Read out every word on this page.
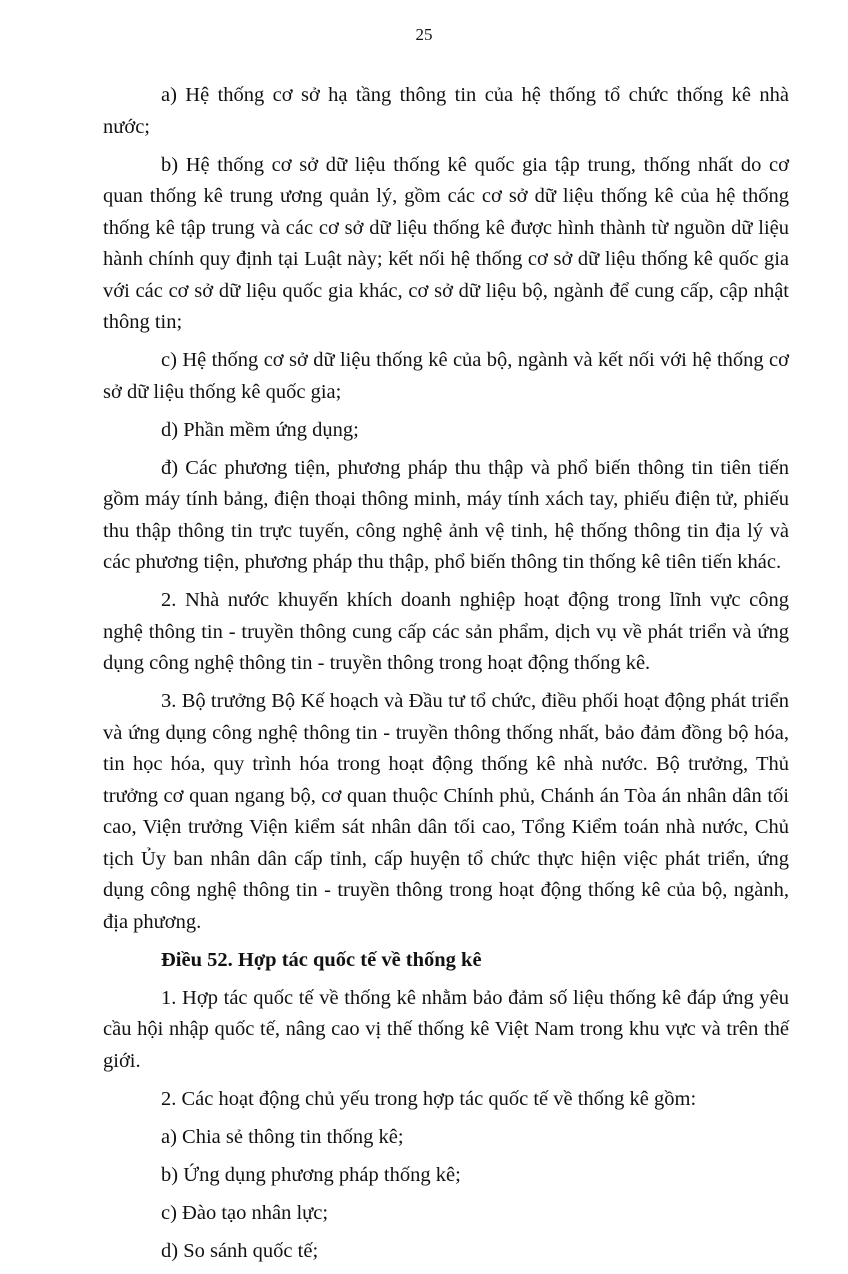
25

a) Hệ thống cơ sở hạ tầng thông tin của hệ thống tổ chức thống kê nhà nước;

b) Hệ thống cơ sở dữ liệu thống kê quốc gia tập trung, thống nhất do cơ quan thống kê trung ương quản lý, gồm các cơ sở dữ liệu thống kê của hệ thống thống kê tập trung và các cơ sở dữ liệu thống kê được hình thành từ nguồn dữ liệu hành chính quy định tại Luật này; kết nối hệ thống cơ sở dữ liệu thống kê quốc gia với các cơ sở dữ liệu quốc gia khác, cơ sở dữ liệu bộ, ngành để cung cấp, cập nhật thông tin;

c) Hệ thống cơ sở dữ liệu thống kê của bộ, ngành và kết nối với hệ thống cơ sở dữ liệu thống kê quốc gia;

d) Phần mềm ứng dụng;

đ) Các phương tiện, phương pháp thu thập và phổ biến thông tin tiên tiến gồm máy tính bảng, điện thoại thông minh, máy tính xách tay, phiếu điện tử, phiếu thu thập thông tin trực tuyến, công nghệ ảnh vệ tinh, hệ thống thông tin địa lý và các phương tiện, phương pháp thu thập, phổ biến thông tin thống kê tiên tiến khác.

2. Nhà nước khuyến khích doanh nghiệp hoạt động trong lĩnh vực công nghệ thông tin - truyền thông cung cấp các sản phẩm, dịch vụ về phát triển và ứng dụng công nghệ thông tin - truyền thông trong hoạt động thống kê.

3. Bộ trưởng Bộ Kế hoạch và Đầu tư tổ chức, điều phối hoạt động phát triển và ứng dụng công nghệ thông tin - truyền thông thống nhất, bảo đảm đồng bộ hóa, tin học hóa, quy trình hóa trong hoạt động thống kê nhà nước. Bộ trưởng, Thủ trưởng cơ quan ngang bộ, cơ quan thuộc Chính phủ, Chánh án Tòa án nhân dân tối cao, Viện trưởng Viện kiểm sát nhân dân tối cao, Tổng Kiểm toán nhà nước, Chủ tịch Ủy ban nhân dân cấp tỉnh, cấp huyện tổ chức thực hiện việc phát triển, ứng dụng công nghệ thông tin - truyền thông trong hoạt động thống kê của bộ, ngành, địa phương.

Điều 52. Hợp tác quốc tế về thống kê

1. Hợp tác quốc tế về thống kê nhằm bảo đảm số liệu thống kê đáp ứng yêu cầu hội nhập quốc tế, nâng cao vị thế thống kê Việt Nam trong khu vực và trên thế giới.

2. Các hoạt động chủ yếu trong hợp tác quốc tế về thống kê gồm:

a) Chia sẻ thông tin thống kê;

b) Ứng dụng phương pháp thống kê;

c) Đào tạo nhân lực;

d) So sánh quốc tế;
